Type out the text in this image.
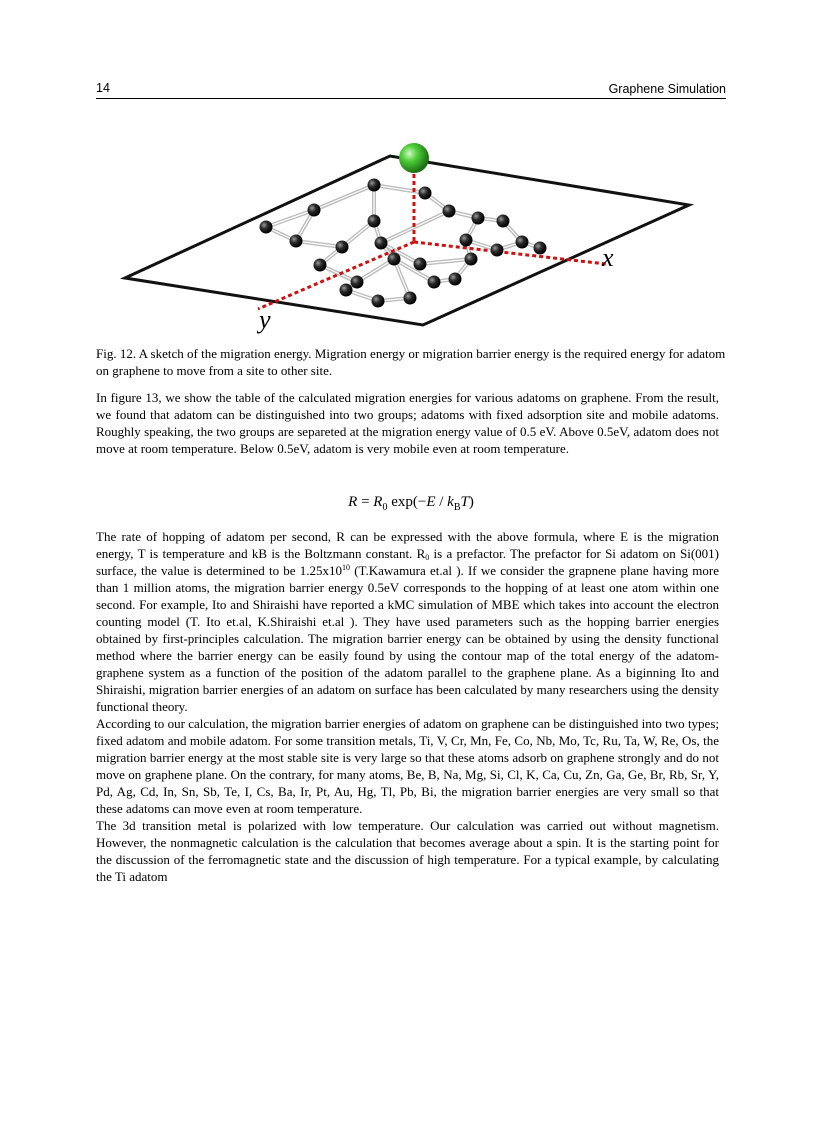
14	Graphene Simulation
x
y
Fig. 12. A sketch of the migration energy. Migration energy or migration barrier energy is the required energy for adatom on graphene to move from a site to other site.

In figure 13, we show the table of the calculated migration energies for various adatoms on graphene. From the result, we found that adatom can be distinguished into two groups; adatoms with fixed adsorption site and mobile adatoms. Roughly speaking, the two groups are separeted at the migration energy value of 0.5 eV. Above 0.5eV, adatom does not move at room temperature. Below 0.5eV, adatom is very mobile even at room temperature.

$R = R_0$ $\exp(-E / k_BT)$

The rate of hopping of adatom per second, R can be expressed with the above formula, where E is the migration energy, T is temperature and kB is the Boltzmann constant. $R_0$ is a prefactor. The prefactor for Si adatom on Si(001) surface, the value is determined to be $1.25x10^{10}$ (T.Kawamura et.al ). If we consider the grapnene plane having more than 1 million atoms, the migration barrier energy 0.5eV corresponds to the hopping of at least one atom within one second. For example, Ito and Shiraishi have reported a kMC simulation of MBE which takes into account the electron counting model (T. Ito et.al, K.Shiraishi et.al ). They have used parameters such as the hopping barrier energies obtained by first-principles calculation. The migration barrier energy can be obtained by using the density functional method where the barrier energy can be easily found by using the contour map of the total energy of the adatom-graphene system as a function of the position of the adatom parallel to the graphene plane. As a biginning Ito and Shiraishi, migration barrier energies of an adatom on surface has been calculated by many researchers using the density functional theory.

According to our calculation, the migration barrier energies of adatom on graphene can be distinguished into two types; fixed adatom and mobile adatom. For some transition metals, Ti, V, Cr, Mn, Fe, Co, Nb, Mo, Tc, Ru, Ta, W, Re, Os, the migration barrier energy at the most stable site is very large so that these atoms adsorb on graphene strongly and do not move on graphene plane. On the contrary, for many atoms, Be, B, Na, Mg, Si, Cl, K, Ca, Cu, Zn, Ga, Ge, Br, Rb, Sr, Y, Pd, Ag, Cd, In, Sn, Sb, Te, I, Cs, Ba, Ir, Pt, Au, Hg, Tl, Pb, Bi, the migration barrier energies are very small so that these adatoms can move even at room temperature.

The 3d transition metal is polarized with low temperature. Our calculation was carried out without magnetism. However, the nonmagnetic calculation is the calculation that becomes average about a spin. It is the starting point for the discussion of the ferromagnetic state and the discussion of high temperature. For a typical example, by calculating the Ti adatom
